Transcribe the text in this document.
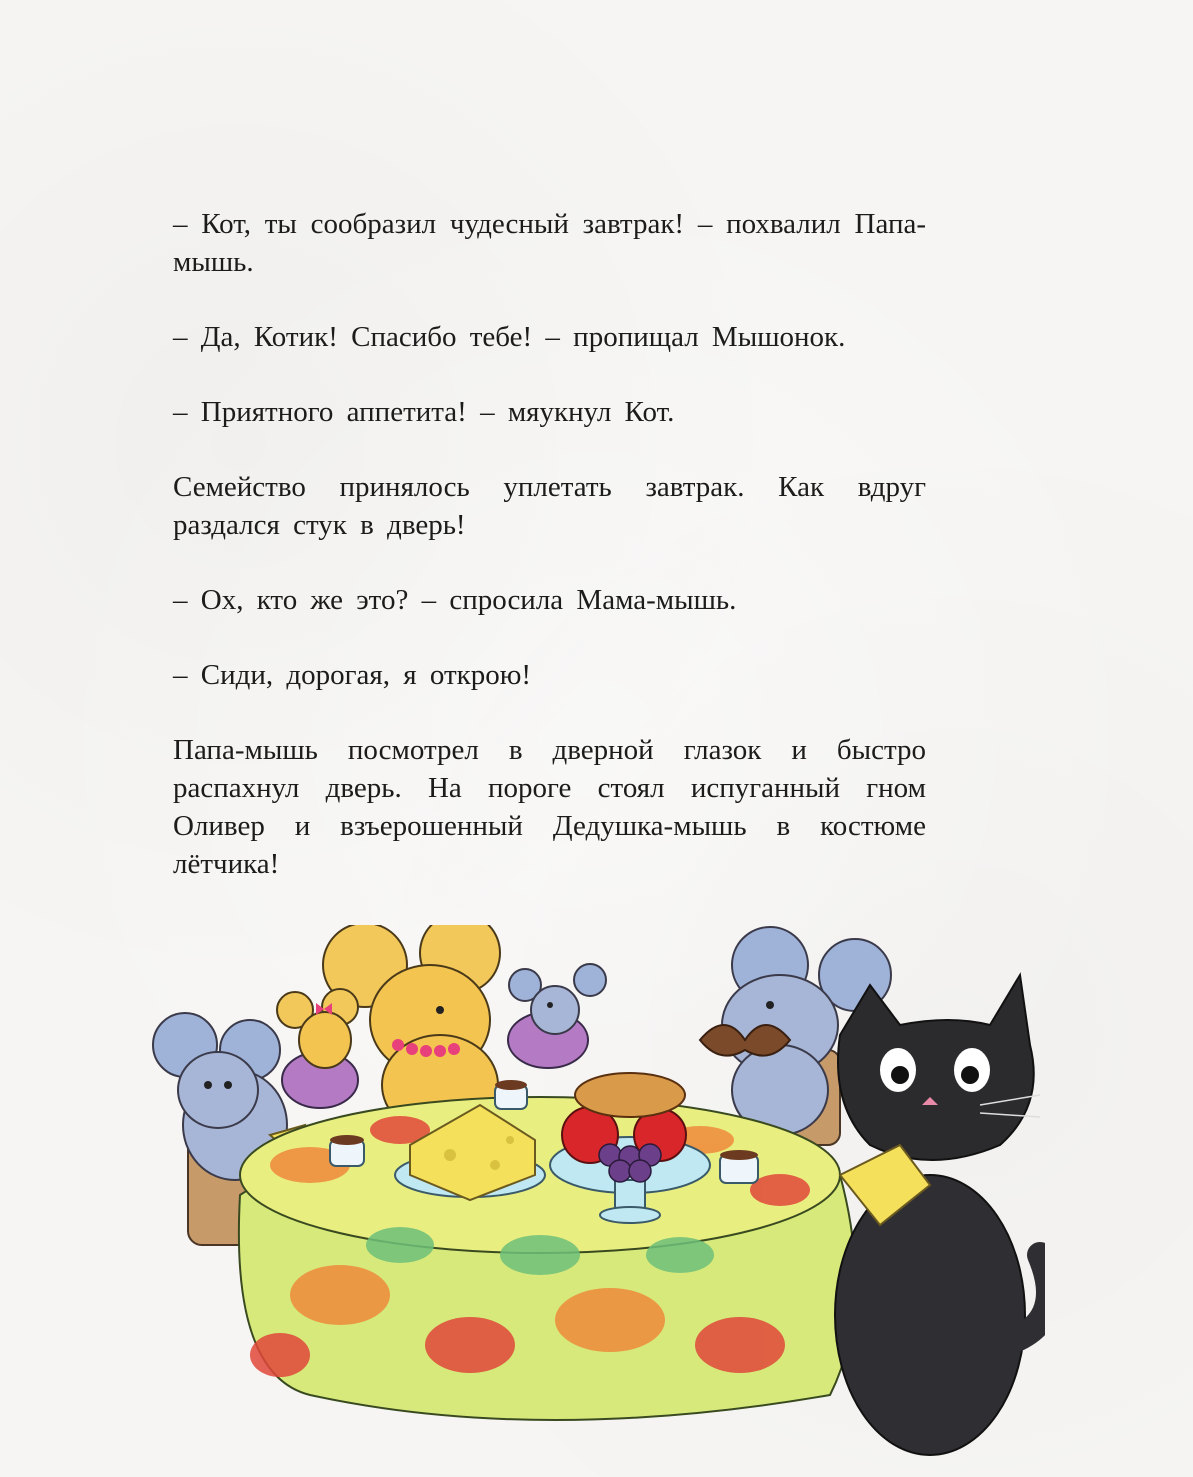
– Кот, ты сообразил чудесный завтрак! – похвалил Папа-мышь.

– Да, Котик! Спасибо тебе! – пропищал Мышонок.

– Приятного аппетита! – мяукнул Кот.

Семейство принялось уплетать завтрак. Как вдруг раздался стук в дверь!

– Ох, кто же это? – спросила Мама-мышь.

– Сиди, дорогая, я открою!

Папа-мышь посмотрел в дверной глазок и быстро распахнул дверь. На пороге стоял испуганный гном Оливер и взъерошенный Дедушка-мышь в костюме лётчика!
